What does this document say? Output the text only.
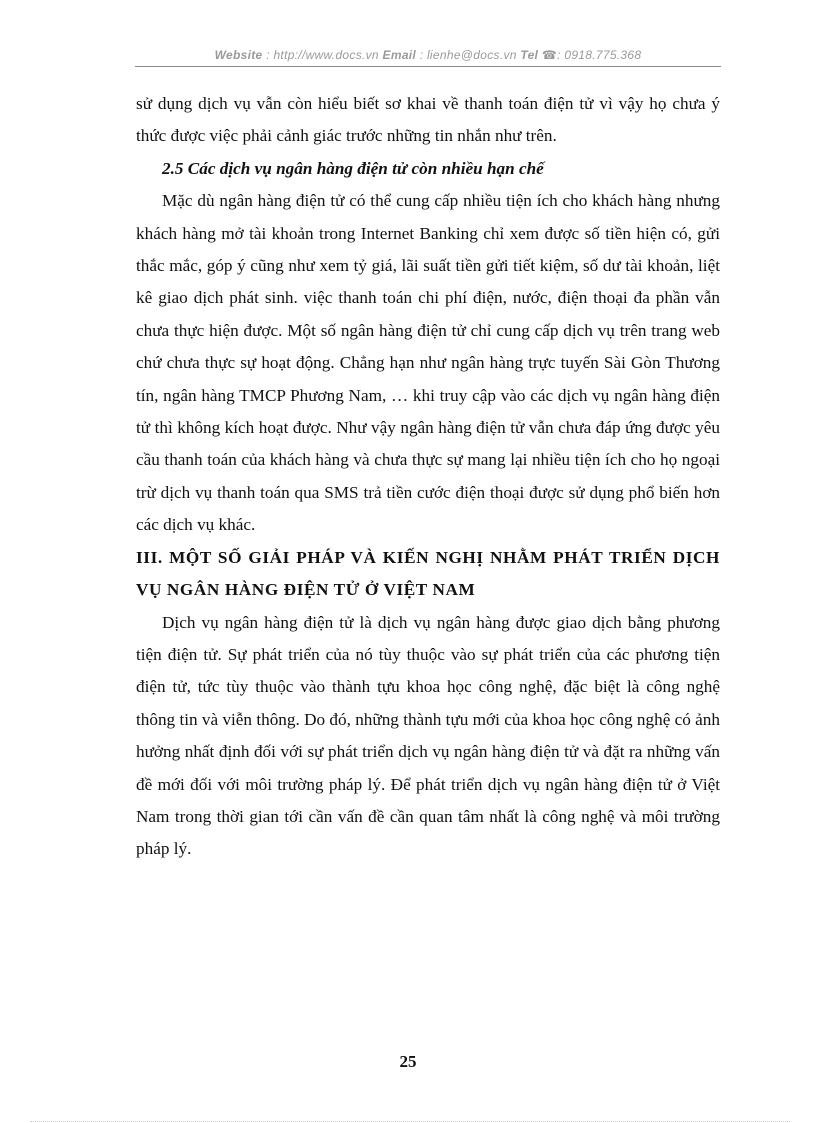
Website : http://www.docs.vn Email : lienhe@docs.vn Tel ☎: 0918.775.368

sử dụng dịch vụ vẫn còn hiểu biết sơ khai về thanh toán điện tử vì vậy họ chưa ý thức được việc phải cảnh giác trước những tin nhắn như trên.

2.5 Các dịch vụ ngân hàng điện tử còn nhiều hạn chế

Mặc dù ngân hàng điện tử có thể cung cấp nhiều tiện ích cho khách hàng nhưng khách hàng mở tài khoản trong Internet Banking chỉ xem được số tiền hiện có, gửi thắc mắc, góp ý cũng như xem tỷ giá, lãi suất tiền gửi tiết kiệm, số dư tài khoản, liệt kê giao dịch phát sinh. việc thanh toán chi phí điện, nước, điện thoại đa phần vẫn chưa thực hiện được. Một số ngân hàng điện tử chỉ cung cấp dịch vụ trên trang web chứ chưa thực sự hoạt động. Chẳng hạn như ngân hàng trực tuyến Sài Gòn Thương tín, ngân hàng TMCP Phương Nam, … khi truy cập vào các dịch vụ ngân hàng điện tử thì không kích hoạt được. Như vậy ngân hàng điện tử vẫn chưa đáp ứng được yêu cầu thanh toán của khách hàng và chưa thực sự mang lại nhiều tiện ích cho họ ngoại trừ dịch vụ thanh toán qua SMS trả tiền cước điện thoại được sử dụng phổ biến hơn các dịch vụ khác.

III. MỘT SỐ GIẢI PHÁP VÀ KIẾN NGHỊ NHẰM PHÁT TRIỂN DỊCH VỤ NGÂN HÀNG ĐIỆN TỬ Ở VIỆT NAM

Dịch vụ ngân hàng điện tử là dịch vụ ngân hàng được giao dịch bằng phương tiện điện tử. Sự phát triển của nó tùy thuộc vào sự phát triển của các phương tiện điện tử, tức tùy thuộc vào thành tựu khoa học công nghệ, đặc biệt là công nghệ thông tin và viễn thông. Do đó, những thành tựu mới của khoa học công nghệ có ảnh hưởng nhất định đối với sự phát triển dịch vụ ngân hàng điện tử và đặt ra những vấn đề mới đối với môi trường pháp lý. Để phát triển dịch vụ ngân hàng điện tử ở Việt Nam trong thời gian tới cần vấn đề cần quan tâm nhất là công nghệ và môi trường pháp lý.

25
